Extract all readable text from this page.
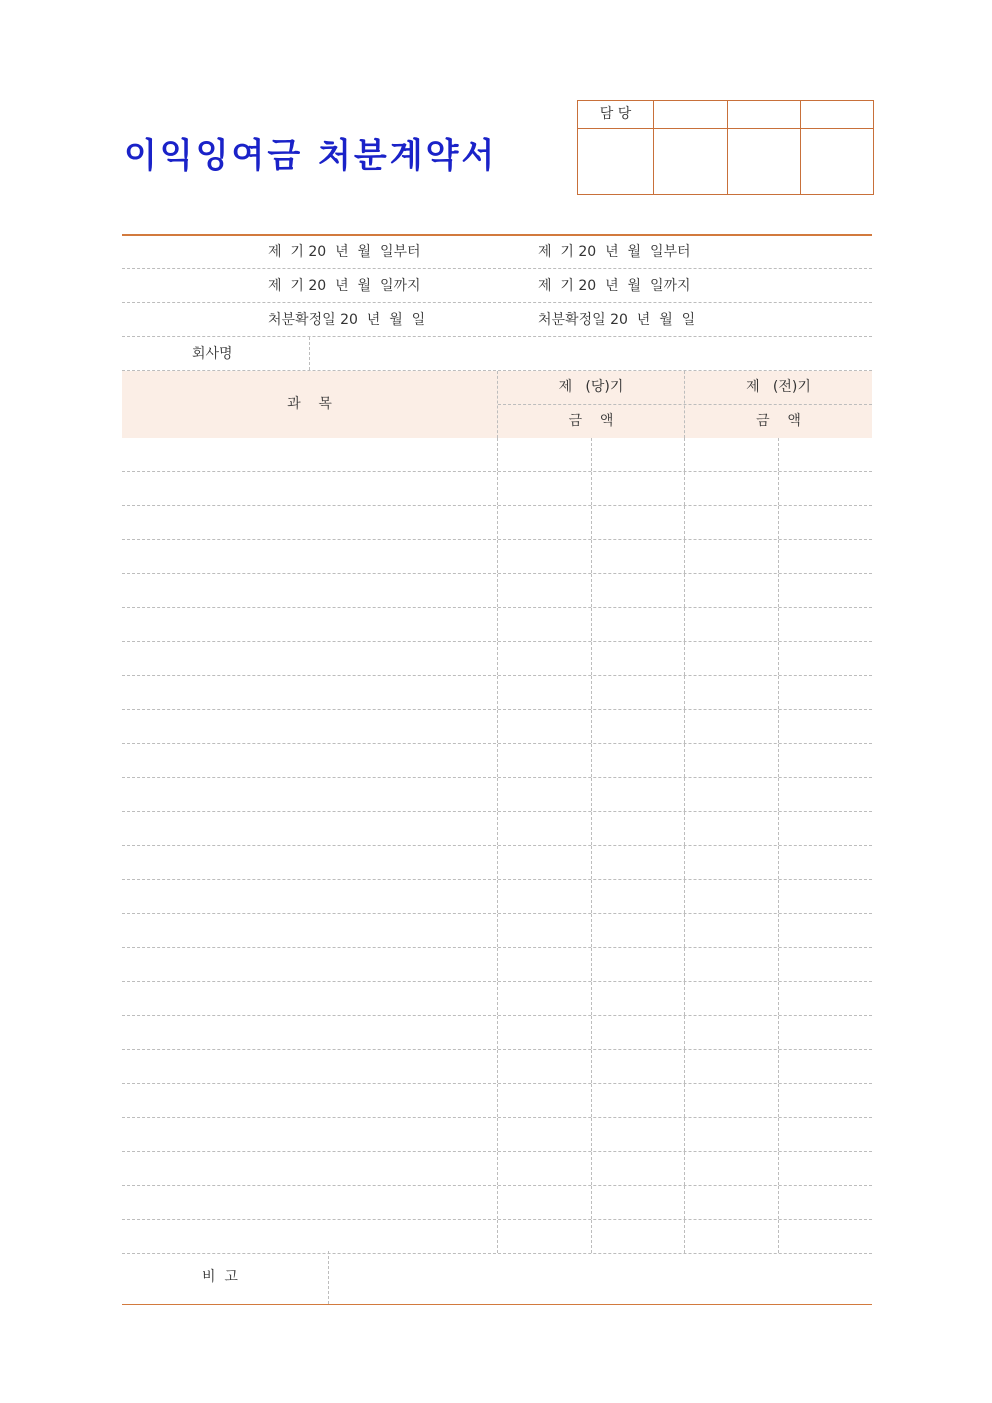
이익잉여금 처분계약서
담 당
제  기 20  년  월  일부터	제  기 20  년  월  일부터
제  기 20  년  월  일까지	제  기 20  년  월  일까지
처분확정일 20  년  월  일	처분확정일 20  년  월  일
회사명
과    목
제   (당)기	제   (전)기
금    액	금    액
비  고
